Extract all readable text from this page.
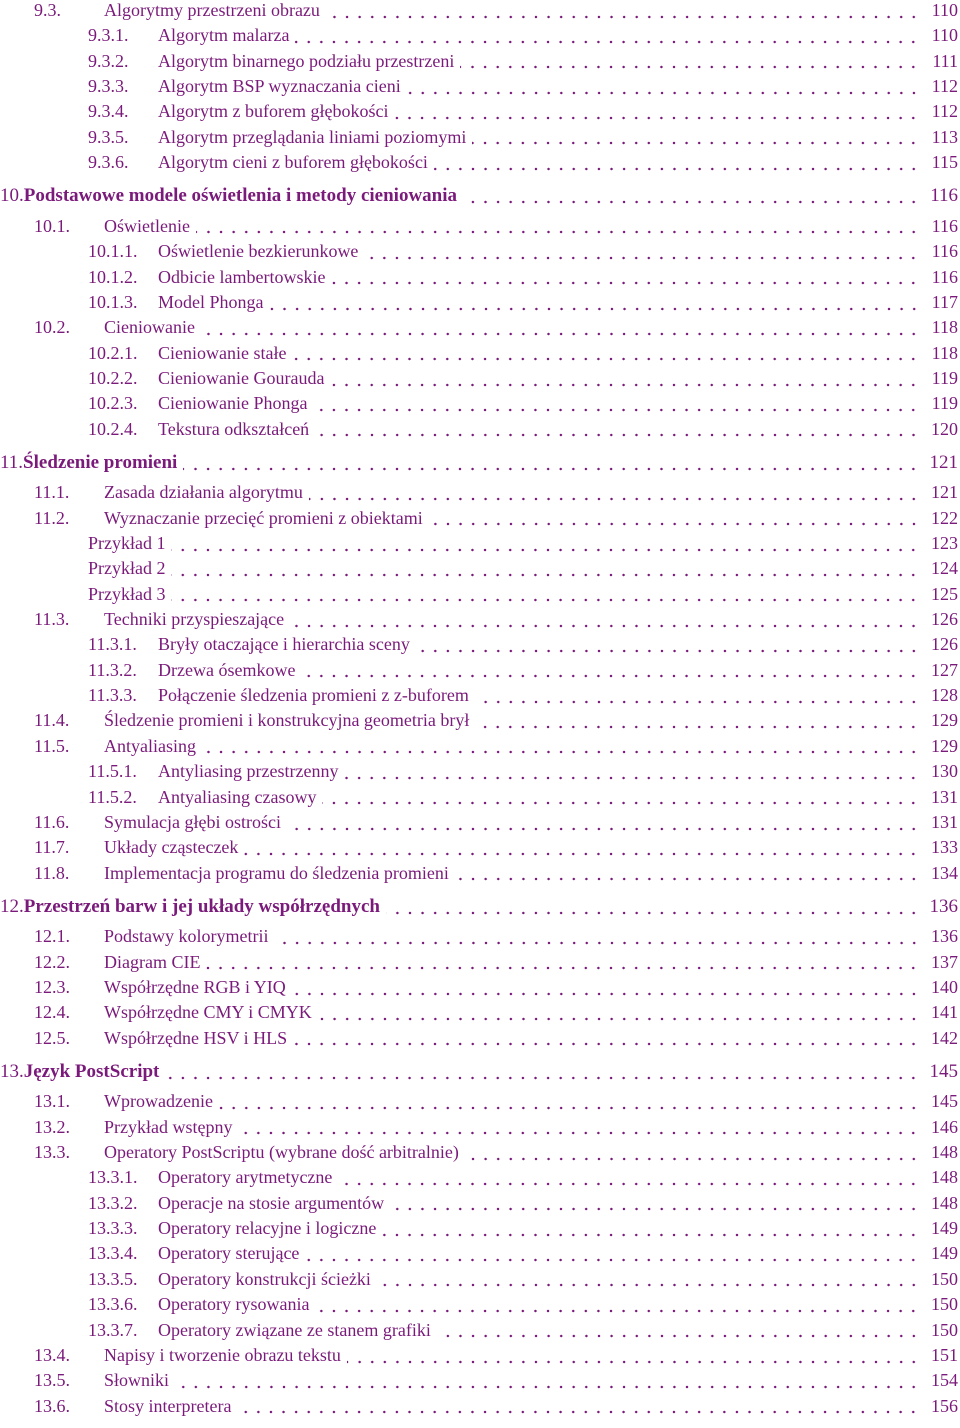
9.3.	Algorytmy przestrzeni obrazu	110
9.3.1.	Algorytm malarza	110
9.3.2.	Algorytm binarnego podziału przestrzeni	111
9.3.3.	Algorytm BSP wyznaczania cieni	112
9.3.4.	Algorytm z buforem głębokości	112
9.3.5.	Algorytm przeglądania liniami poziomymi	113
9.3.6.	Algorytm cieni z buforem głębokości	115
10. Podstawowe modele oświetlenia i metody cieniowania	116
10.1.	Oświetlenie	116
10.1.1.	Oświetlenie bezkierunkowe	116
10.1.2.	Odbicie lambertowskie	116
10.1.3.	Model Phonga	117
10.2.	Cieniowanie	118
10.2.1.	Cieniowanie stałe	118
10.2.2.	Cieniowanie Gourauda	119
10.2.3.	Cieniowanie Phonga	119
10.2.4.	Tekstura odkształceń	120
11. Śledzenie promieni	121
11.1.	Zasada działania algorytmu	121
11.2.	Wyznaczanie przecięć promieni z obiektami	122
Przykład 1	123
Przykład 2	124
Przykład 3	125
11.3.	Techniki przyspieszające	126
11.3.1.	Bryły otaczające i hierarchia sceny	126
11.3.2.	Drzewa ósemkowe	127
11.3.3.	Połączenie śledzenia promieni z z-buforem	128
11.4.	Śledzenie promieni i konstrukcyjna geometria brył	129
11.5.	Antyaliasing	129
11.5.1.	Antyliasing przestrzenny	130
11.5.2.	Antyaliasing czasowy	131
11.6.	Symulacja głębi ostrości	131
11.7.	Układy cząsteczek	133
11.8.	Implementacja programu do śledzenia promieni	134
12. Przestrzeń barw i jej układy współrzędnych	136
12.1.	Podstawy kolorymetrii	136
12.2.	Diagram CIE	137
12.3.	Współrzędne RGB i YIQ	140
12.4.	Współrzędne CMY i CMYK	141
12.5.	Współrzędne HSV i HLS	142
13. Język PostScript	145
13.1.	Wprowadzenie	145
13.2.	Przykład wstępny	146
13.3.	Operatory PostScriptu (wybrane dość arbitralnie)	148
13.3.1.	Operatory arytmetyczne	148
13.3.2.	Operacje na stosie argumentów	148
13.3.3.	Operatory relacyjne i logiczne	149
13.3.4.	Operatory sterujące	149
13.3.5.	Operatory konstrukcji ścieżki	150
13.3.6.	Operatory rysowania	150
13.3.7.	Operatory związane ze stanem grafiki	150
13.4.	Napisy i tworzenie obrazu tekstu	151
13.5.	Słowniki	154
13.6.	Stosy interpretera	156
